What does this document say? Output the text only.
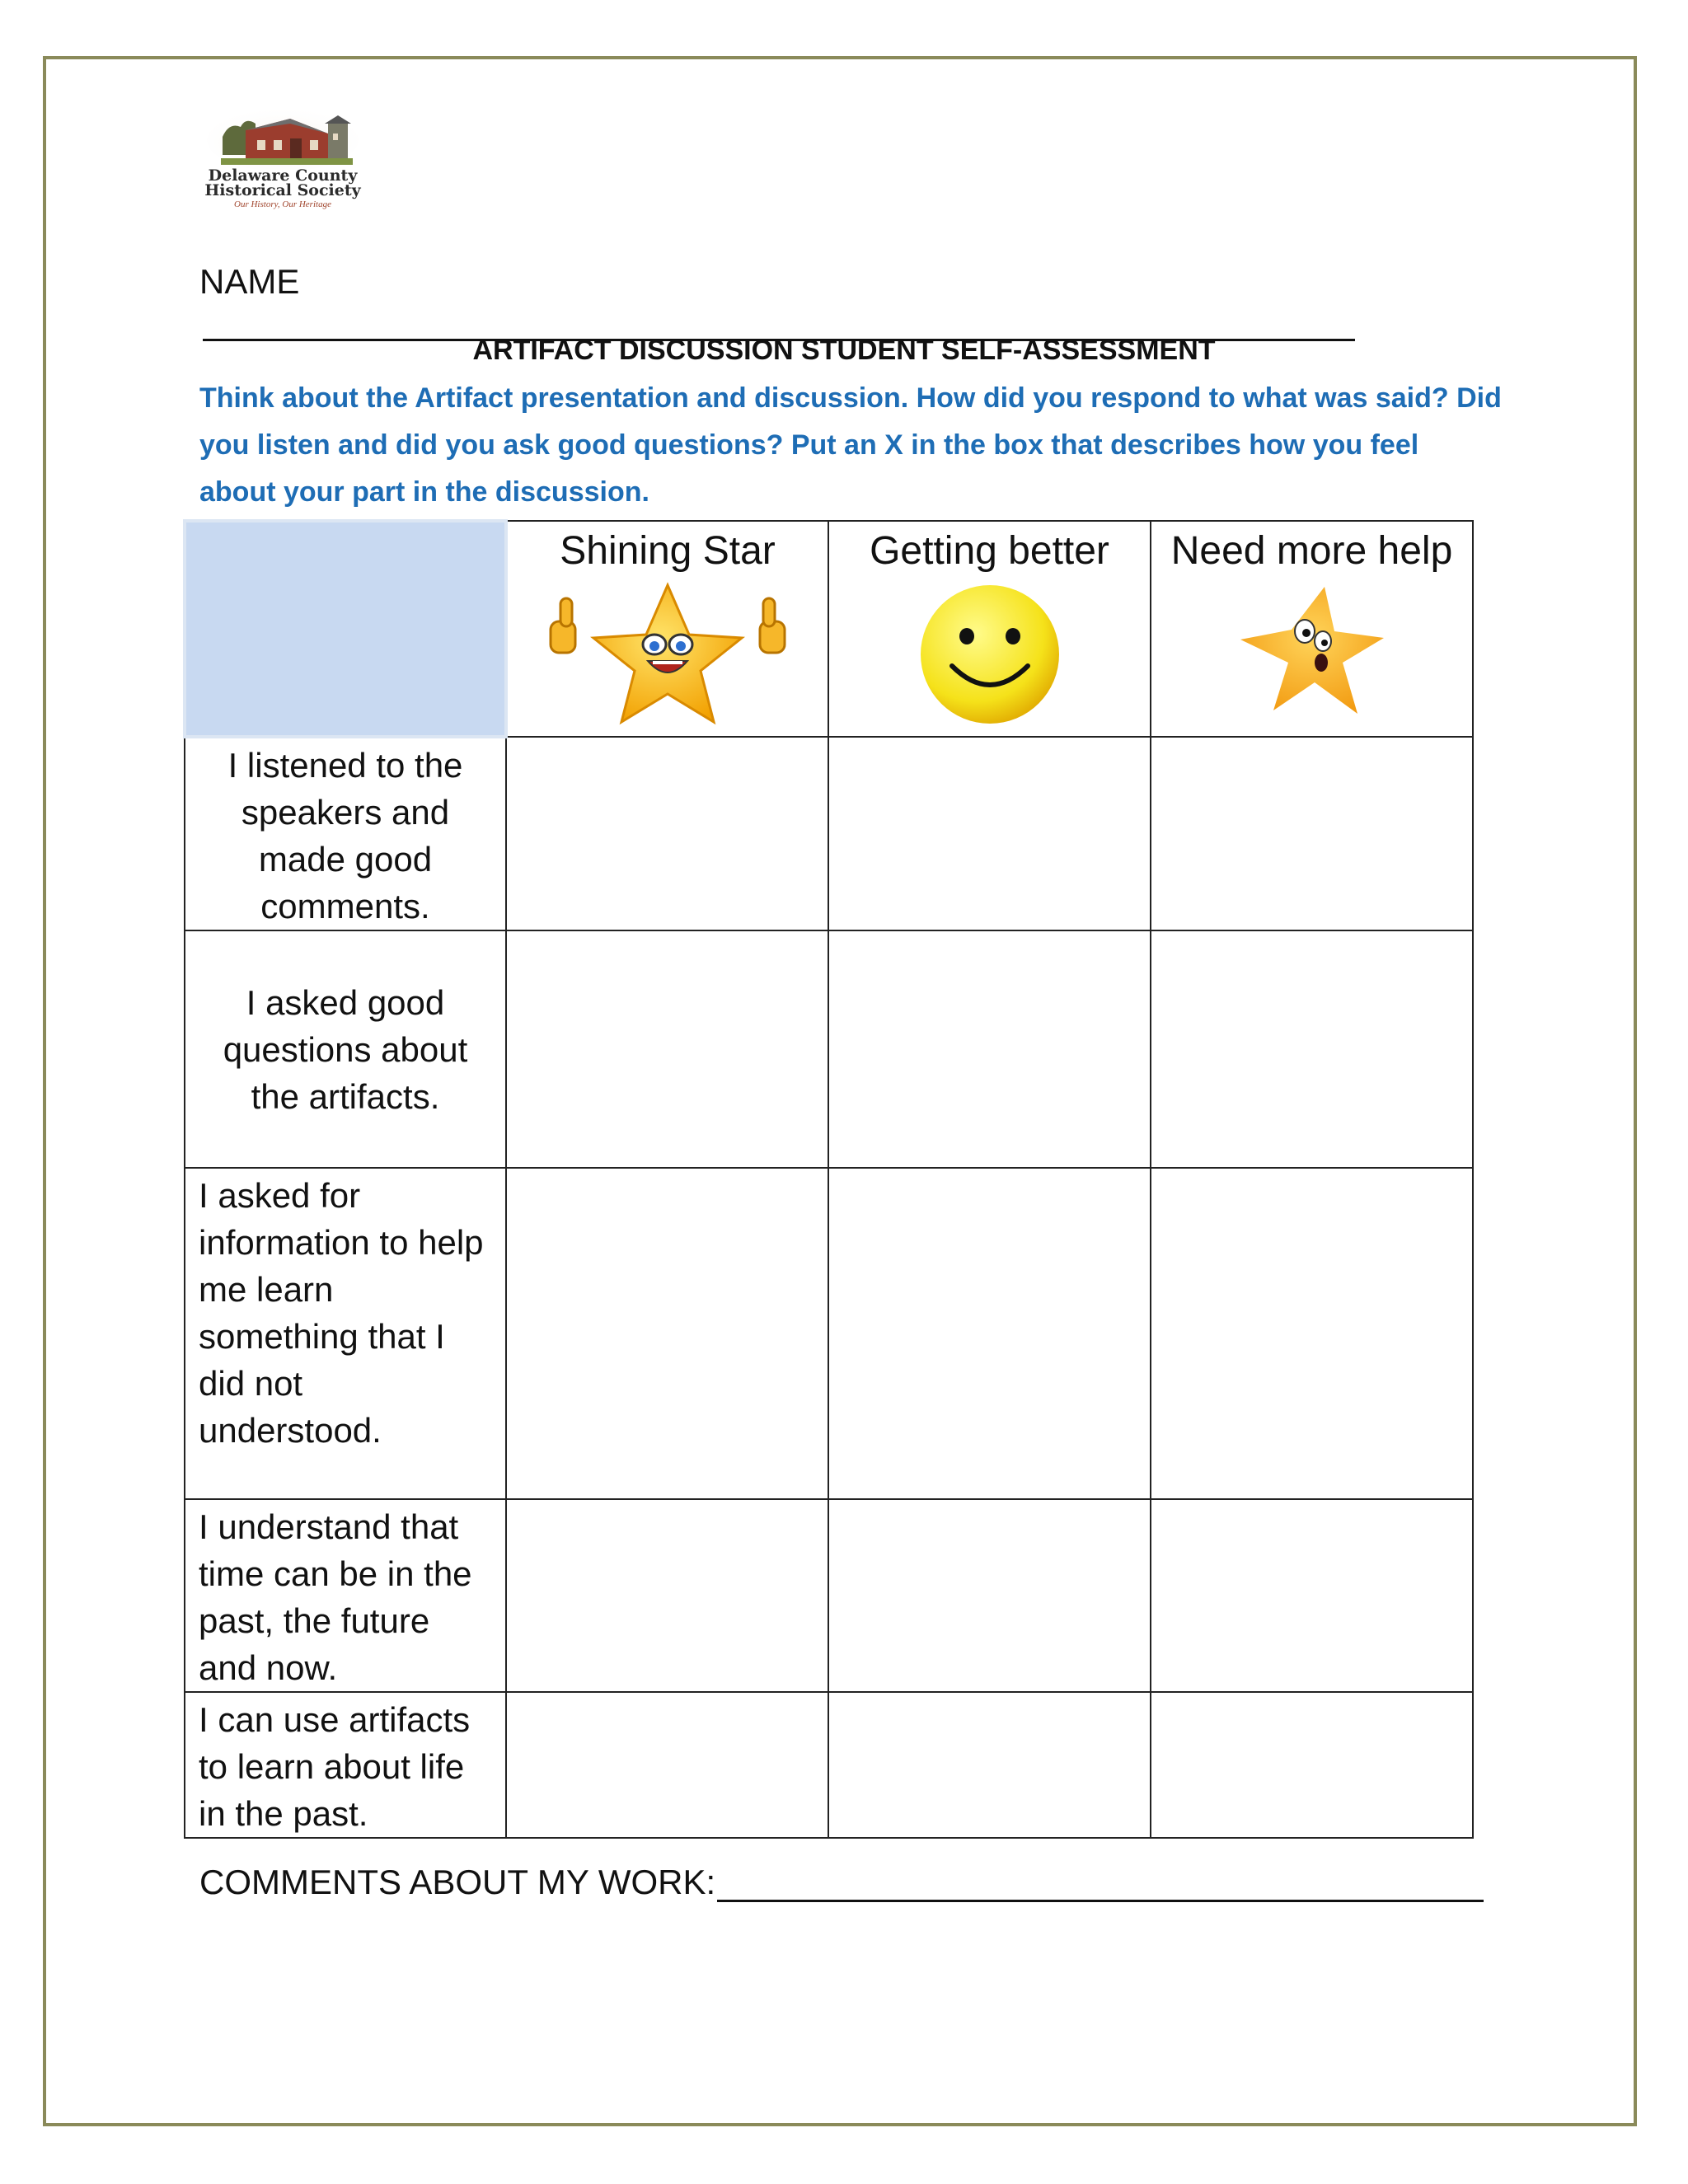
Delaware County
Historical Society
Our History, Our Heritage
NAME
ARTIFACT DISCUSSION STUDENT SELF-ASSESSMENT
Think about the Artifact presentation and discussion. How did you respond to what was said? Did you listen and did you ask good questions? Put an X in the box that describes how you feel about your part in the discussion.

	Shining Star	Getting better	Need more help

I listened to the speakers and made good comments.			
I asked good questions about the artifacts.			
I asked for information to help me learn something that I did not understood.			
I understand that time can be in the past, the future and now.			
I can use artifacts to learn about life in the past.			
COMMENTS ABOUT MY WORK:
